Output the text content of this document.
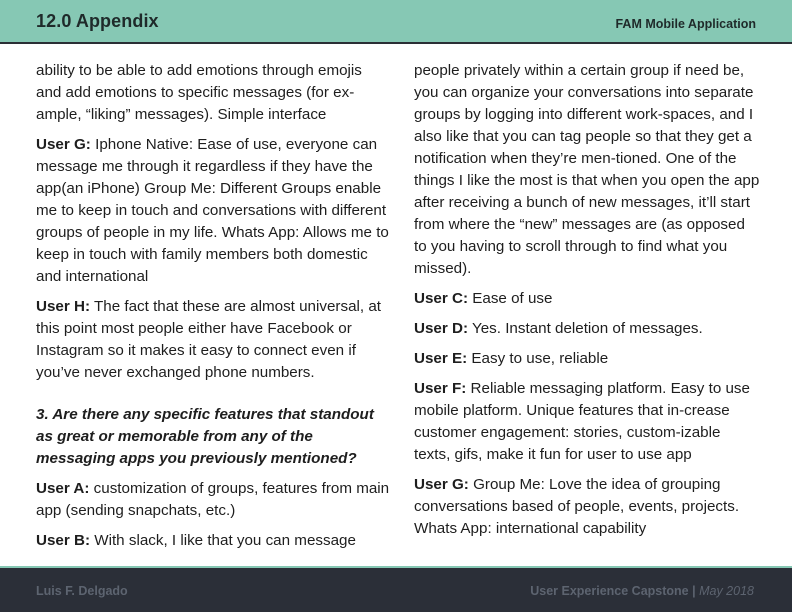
12.0 Appendix	FAM Mobile Application

ability to be able to add emotions through emojis and add emotions to specific messages (for ex-ample, “liking” messages). Simple interface

User G: Iphone Native: Ease of use, everyone can message me through it regardless if they have the app(an iPhone) Group Me: Different Groups enable me to keep in touch and conversations with different groups of people in my life. Whats App: Allows me to keep in touch with family members both domestic and international

User H: The fact that these are almost universal, at this point most people either have Facebook or Instagram so it makes it easy to connect even if you’ve never exchanged phone numbers.

3. Are there any specific features that standout as great or memorable from any of the messaging apps you previously mentioned?

User A: customization of groups, features from main app (sending snapchats, etc.)

User B: With slack, I like that you can message

people privately within a certain group if need be, you can organize your conversations into separate groups by logging into different work-spaces, and I also like that you can tag people so that they get a notification when they’re men-tioned. One of the things I like the most is that when you open the app after receiving a bunch of new messages, it’ll start from where the “new” messages are (as opposed to you having to scroll through to find what you missed).

User C: Ease of use

User D: Yes. Instant deletion of messages.

User E: Easy to use, reliable

User F: Reliable messaging platform. Easy to use mobile platform. Unique features that in-crease customer engagement: stories, custom-izable texts, gifs, make it fun for user to use app

User G: Group Me: Love the idea of grouping conversations based of people, events, projects. Whats App: international capability

Luis F. Delgado	User Experience Capstone | May 2018
